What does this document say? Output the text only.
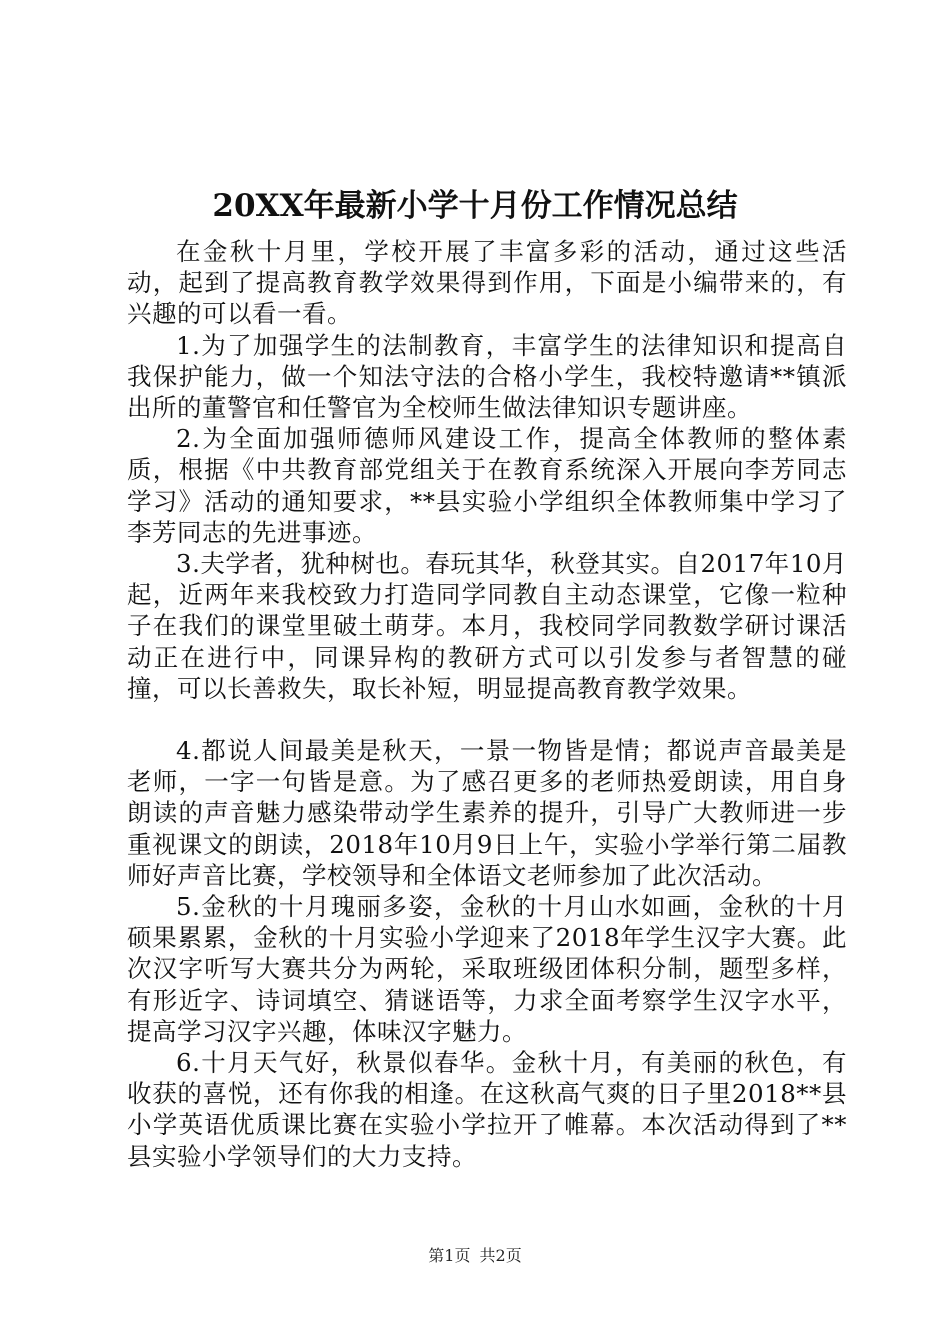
20XX年最新小学十月份工作情况总结

在金秋十月里，学校开展了丰富多彩的活动，通过这些活动，起到了提高教育教学效果得到作用，下面是小编带来的，有兴趣的可以看一看。

1.为了加强学生的法制教育，丰富学生的法律知识和提高自我保护能力，做一个知法守法的合格小学生，我校特邀请**镇派出所的董警官和任警官为全校师生做法律知识专题讲座。

2.为全面加强师德师风建设工作，提高全体教师的整体素质，根据《中共教育部党组关于在教育系统深入开展向李芳同志学习》活动的通知要求，**县实验小学组织全体教师集中学习了李芳同志的先进事迹。

3.夫学者，犹种树也。春玩其华，秋登其实。自2017年10月起，近两年来我校致力打造同学同教自主动态课堂，它像一粒种子在我们的课堂里破土萌芽。本月，我校同学同教数学研讨课活动正在进行中，同课异构的教研方式可以引发参与者智慧的碰撞，可以长善救失，取长补短，明显提高教育教学效果。

4.都说人间最美是秋天，一景一物皆是情；都说声音最美是老师，一字一句皆是意。为了感召更多的老师热爱朗读，用自身朗读的声音魅力感染带动学生素养的提升，引导广大教师进一步重视课文的朗读，2018年10月9日上午，实验小学举行第二届教师好声音比赛，学校领导和全体语文老师参加了此次活动。

5.金秋的十月瑰丽多姿，金秋的十月山水如画，金秋的十月硕果累累，金秋的十月实验小学迎来了2018年学生汉字大赛。此次汉字听写大赛共分为两轮，采取班级团体积分制，题型多样，有形近字、诗词填空、猜谜语等，力求全面考察学生汉字水平，提高学习汉字兴趣，体味汉字魅力。

6.十月天气好，秋景似春华。金秋十月，有美丽的秋色，有收获的喜悦，还有你我的相逢。在这秋高气爽的日子里2018**县小学英语优质课比赛在实验小学拉开了帷幕。本次活动得到了**县实验小学领导们的大力支持。

第1页 共2页
